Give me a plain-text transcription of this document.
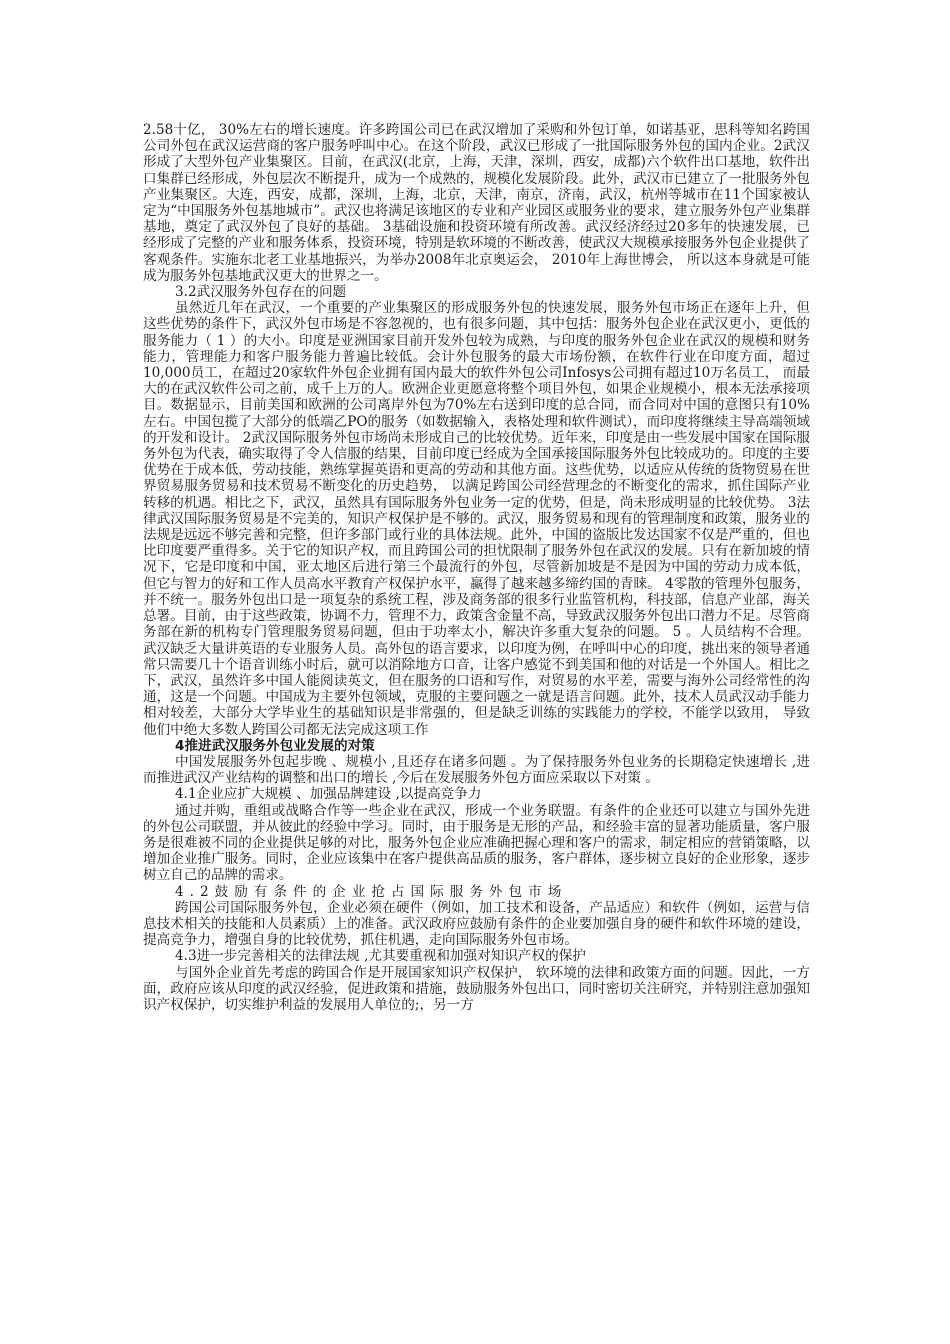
2.58十亿， 30%左右的增长速度。许多跨国公司已在武汉增加了采购和外包订单，如诺基亚，思科等知名跨国公司外包在武汉运营商的客户服务呼叫中心。在这个阶段，武汉已形成了一批国际服务外包的国内企业。2武汉形成了大型外包产业集聚区。目前，在武汉(北京，上海，天津，深圳，西安，成都)六个软件出口基地，软件出口集群已经形成，外包层次不断提升，成为一个成熟的，规模化发展阶段。此外，武汉市已建立了一批服务外包产业集聚区。大连，西安，成都，深圳，上海，北京，天津，南京，济南，武汉，杭州等城市在11个国家被认定为“中国服务外包基地城市”。武汉也将满足该地区的专业和产业园区或服务业的要求，建立服务外包产业集群基地，奠定了武汉外包了良好的基础。 3基础设施和投资环境有所改善。武汉经济经过20多年的快速发展，已经形成了完整的产业和服务体系，投资环境，特别是软环境的不断改善，使武汉大规模承接服务外包企业提供了客观条件。实施东北老工业基地振兴，为举办2008年北京奥运会， 2010年上海世博会， 所以这本身就是可能成为服务外包基地武汉更大的世界之一。

3.2武汉服务外包存在的问题

虽然近几年在武汉，一个重要的产业集聚区的形成服务外包的快速发展，服务外包市场正在逐年上升，但这些优势的条件下，武汉外包市场是不容忽视的，也有很多问题，其中包括：服务外包企业在武汉更小，更低的服务能力（ 1 ）的大小。印度是亚洲国家目前开发外包较为成熟，与印度的服务外包企业在武汉的规模和财务能力，管理能力和客户服务能力普遍比较低。会计外包服务的最大市场份额，在软件行业在印度方面，超过10,000员工，在超过20家软件外包企业拥有国内最大的软件外包公司Infosys公司拥有超过10万名员工， 而最大的在武汉软件公司之前，成千上万的人。欧洲企业更愿意将整个项目外包，如果企业规模小，根本无法承接项目。数据显示，目前美国和欧洲的公司离岸外包为70%左右送到印度的总合同，而合同对中国的意图只有10%左右。中国包揽了大部分的低端乙PO的服务（如数据输入，表格处理和软件测试），而印度将继续主导高端领域的开发和设计。 2武汉国际服务外包市场尚未形成自己的比较优势。近年来，印度是由一些发展中国家在国际服务外包为代表，确实取得了令人信服的结果，目前印度已经成为全国承接国际服务外包比较成功的。印度的主要优势在于成本低，劳动技能，熟练掌握英语和更高的劳动和其他方面。这些优势，以适应从传统的货物贸易在世界贸易服务贸易和技术贸易不断变化的历史趋势， 以满足跨国公司经营理念的不断变化的需求，抓住国际产业转移的机遇。相比之下，武汉，虽然具有国际服务外包业务一定的优势，但是，尚未形成明显的比较优势。 3法律武汉国际服务贸易是不完美的，知识产权保护是不够的。武汉，服务贸易和现有的管理制度和政策，服务业的法规是远远不够完善和完整，但许多部门或行业的具体法规。此外，中国的盗版比发达国家不仅是严重的，但也比印度要严重得多。关于它的知识产权，而且跨国公司的担忧限制了服务外包在武汉的发展。只有在新加坡的情况下，它是印度和中国，亚太地区后进行第三个最流行的外包，尽管新加坡是不是因为中国的劳动力成本低， 但它与智力的好和工作人员高水平教育产权保护水平，赢得了越来越多缔约国的青睐。 4零散的管理外包服务，并不统一。服务外包出口是一项复杂的系统工程，涉及商务部的很多行业监管机构，科技部，信息产业部，海关总署。目前，由于这些政策，协调不力，管理不力，政策含金量不高，导致武汉服务外包出口潜力不足。尽管商务部在新的机构专门管理服务贸易问题，但由于功率太小，解决许多重大复杂的问题。 5 。人员结构不合理。武汉缺乏大量讲英语的专业服务人员。高外包的语言要求，以印度为例，在呼叫中心的印度，挑出来的领导者通常只需要几十个语音训练小时后，就可以消除地方口音，让客户感觉不到美国和他的对话是一个外国人。相比之下，武汉，虽然许多中国人能阅读英文，但在服务的口语和写作，对贸易的水平差，需要与海外公司经常性的沟通，这是一个问题。中国成为主要外包领域，克服的主要问题之一就是语言问题。此外，技术人员武汉动手能力相对较差，大部分大学毕业生的基础知识是非常强的，但是缺乏训练的实践能力的学校，不能学以致用， 导致他们中绝大多数人跨国公司都无法完成这项工作

4推进武汉服务外包业发展的对策

中国发展服务外包起步晚 、规模小 ,且还存在诸多问题 。为了保持服务外包业务的长期稳定快速增长 ,进而推进武汉产业结构的调整和出口的增长 ,今后在发展服务外包方面应采取以下对策 。

4.1企业应扩大规模 、加强品牌建设 ,以提高竞争力

通过并购，重组或战略合作等一些企业在武汉，形成一个业务联盟。有条件的企业还可以建立与国外先进的外包公司联盟，并从彼此的经验中学习。同时，由于服务是无形的产品，和经验丰富的显著功能质量，客户服务是很难被不同的企业提供足够的对比，服务外包企业应准确把握心理和客户的需求，制定相应的营销策略，以增加企业推广服务。同时，企业应该集中在客户提供高品质的服务，客户群体，逐步树立良好的企业形象，逐步树立自己的品牌的需求。

4.2鼓励有条件的企业抢占国际服务外包市场

跨国公司国际服务外包，企业必须在硬件（例如，加工技术和设备，产品适应）和软件（例如，运营与信息技术相关的技能和人员素质）上的准备。武汉政府应鼓励有条件的企业要加强自身的硬件和软件环境的建设，提高竞争力，增强自身的比较优势，抓住机遇，走向国际服务外包市场。

4.3进一步完善相关的法律法规 ,尤其要重视和加强对知识产权的保护

与国外企业首先考虑的跨国合作是开展国家知识产权保护， 软环境的法律和政策方面的问题。因此，一方面，政府应该从印度的武汉经验，促进政策和措施，鼓励服务外包出口，同时密切关注研究，并特别注意加强知识产权保护，切实维护利益的发展用人单位的;，另一方
